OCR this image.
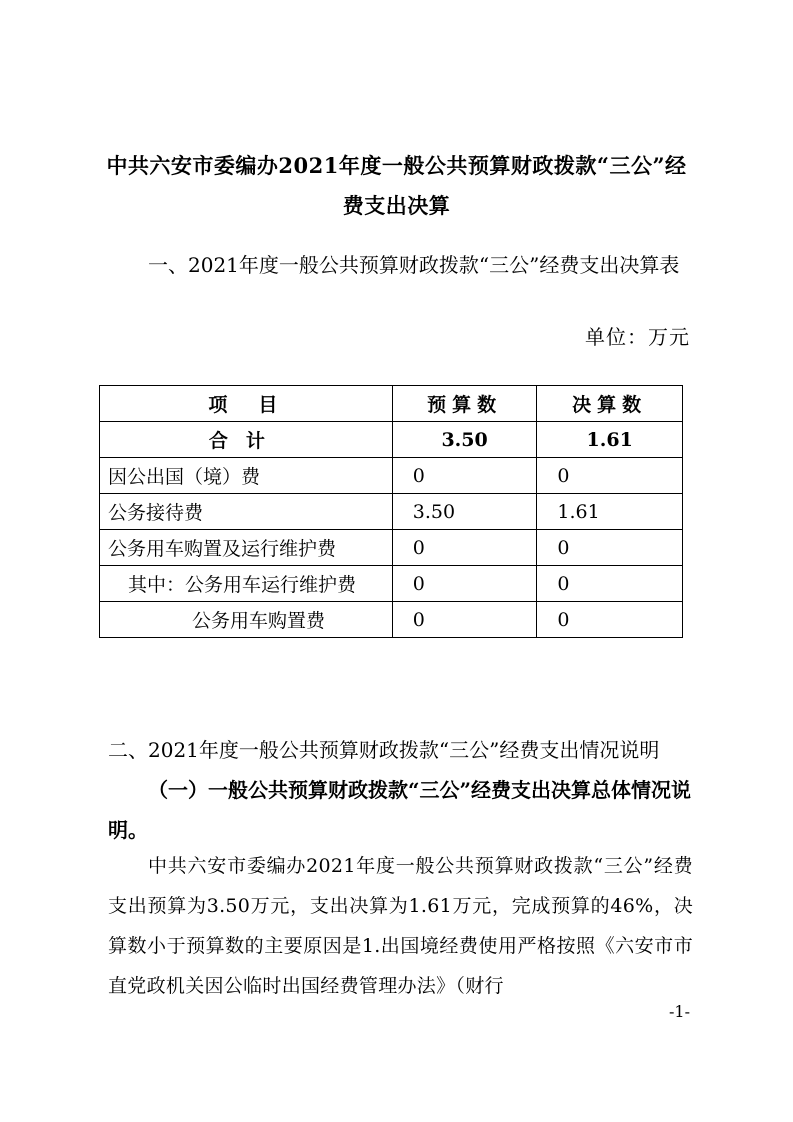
中共六安市委编办2021年度一般公共预算财政拨款“三公”经费支出决算
一、2021年度一般公共预算财政拨款“三公”经费支出决算表
单位：万元
项　目	预算数	决算数
合计	3.50	1.61
因公出国（境）费	0	0
公务接待费	3.50	1.61
公务用车购置及运行维护费	0	0
其中：公务用车运行维护费	0	0
公务用车购置费	0	0
二、2021年度一般公共预算财政拨款“三公”经费支出情况说明
（一）一般公共预算财政拨款“三公”经费支出决算总体情况说明。
中共六安市委编办2021年度一般公共预算财政拨款“三公”经费支出预算为3.50万元，支出决算为1.61万元，完成预算的46%，决算数小于预算数的主要原因是1.出国境经费使用严格按照《六安市市直党政机关因公临时出国经费管理办法》（财行
-1-
